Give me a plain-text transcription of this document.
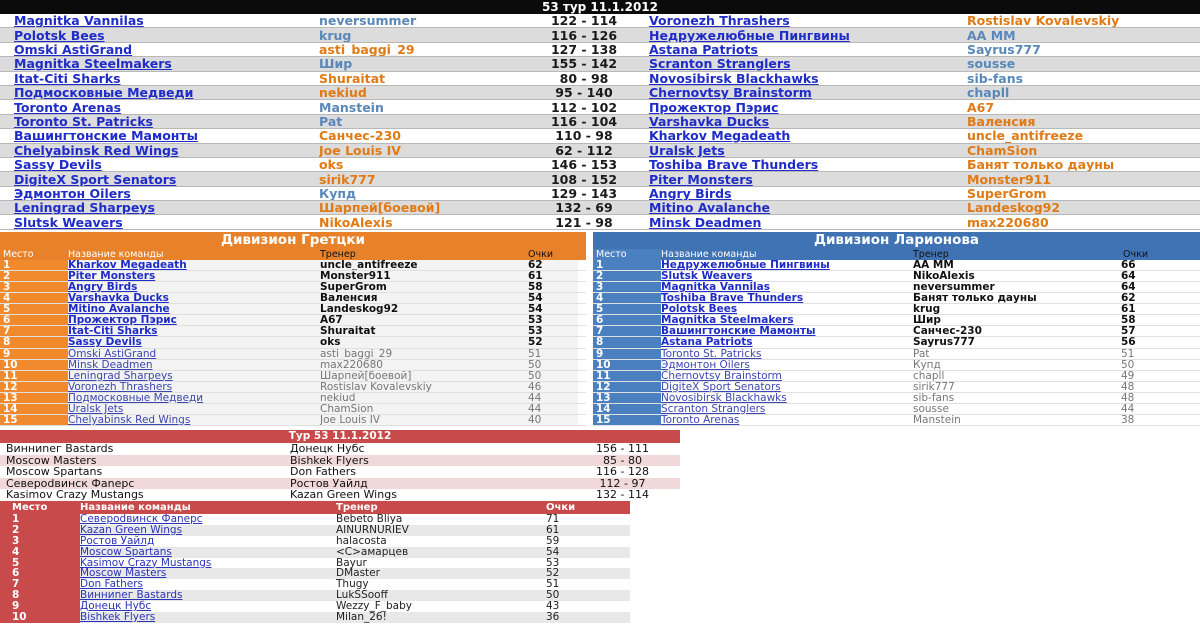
53 тур 11.1.2012
Magnitka Vannilas	neversummer	122 - 114	Voronezh Thrashers	Rostislav Kovalevskiy
Polotsk Bees	krug	116 - 126	Недружелюбные Пингвины	AA MM
Omski AstiGrand	asti_baggi_29	127 - 138	Astana Patriots	Sayrus777
Magnitka Steelmakers	Шир	155 - 142	Scranton Stranglers	sousse
Itat-Citi Sharks	Shuraitat	80 - 98	Novosibirsk Blackhawks	sib-fans
Подмосковные Медведи	nekiud	95 - 140	Chernovtsy Brainstorm	chapll
Toronto Arenas	Manstein	112 - 102	Прожектор Пэрис	A67
Toronto St. Patricks	Pat	116 - 104	Varshavka Ducks	Валенсия
Вашингтонские Мамонты	Санчес-230	110 - 98	Kharkov Megadeath	uncle_antifreeze
Chelyabinsk Red Wings	Joe Louis IV	62 - 112	Uralsk Jets	ChamSion
Sassy Devils	oks	146 - 153	Toshiba Brave Thunders	Банят только дауны
DigiteX Sport Senators	sirik777	108 - 152	Piter Monsters	Monster911
Эдмонтон Oilers	Купд	129 - 143	Angry Birds	SuperGrom
Leningrad Sharpeys	Шарпей[боевой]	132 - 69	Mitino Avalanche	Landeskog92
Slutsk Weavers	NikoAlexis	121 - 98	Minsk Deadmen	max220680
Дивизион Гретцки
Место	Название команды	Тренер	Очки
1	Kharkov Megadeath	uncle_antifreeze	62
2	Piter Monsters	Monster911	61
3	Angry Birds	SuperGrom	58
4	Varshavka Ducks	Валенсия	54
5	Mitino Avalanche	Landeskog92	54
6	Прожектор Пэрис	A67	53
7	Itat-Citi Sharks	Shuraitat	53
8	Sassy Devils	oks	52
9	Omski AstiGrand	asti_baggi_29	51
10	Minsk Deadmen	max220680	50
11	Leningrad Sharpeys	Шарпей[боевой]	50
12	Voronezh Thrashers	Rostislav Kovalevskiy	46
13	Подмосковные Медведи	nekiud	44
14	Uralsk Jets	ChamSion	44
15	Chelyabinsk Red Wings	Joe Louis IV	40
Дивизион Ларионова
Место	Название команды	Тренер	Очки
1	Недружелюбные Пингвины	AA MM	66
2	Slutsk Weavers	NikoAlexis	64
3	Magnitka Vannilas	neversummer	64
4	Toshiba Brave Thunders	Банят только дауны	62
5	Polotsk Bees	krug	61
6	Magnitka Steelmakers	Шир	58
7	Вашингтонские Мамонты	Санчес-230	57
8	Astana Patriots	Sayrus777	56
9	Toronto St. Patricks	Pat	51
10	Эдмонтон Oilers	Купд	50
11	Chernovtsy Brainstorm	chapll	49
12	DigiteX Sport Senators	sirik777	48
13	Novosibirsk Blackhawks	sib-fans	48
14	Scranton Stranglers	sousse	44
15	Toronto Arenas	Manstein	38
Тур 53 11.1.2012
Винниnег Bastards	Донецк Нубс	156 - 111
Moscow Masters	Bishkek Flyers	85 - 80
Moscow Spartans	Don Fathers	116 - 128
Североdвинск Фаnерс	Ростов Уайлд	112 - 97
Kasimov Crazy Mustangs	Kazan Green Wings	132 - 114
Место	Название команды	Тренер	Очки
1	Североdвинск Фаnерс	Bebeto Bliya	71
2	Kazan Green Wings	AINURNURIEV	61
3	Ростов Уайлд	halacosta	59
4	Moscow Spartans	<C>амарцев	54
5	Kasimov Crazy Mustangs	Bayur	53
6	Moscow Masters	DMaster	52
7	Don Fathers	Thugy	51
8	Винниnег Bastards	LukSSooff	50
9	Донецк Нубс	Wezzy_F_baby	43
10	Bishkek Flyers	Milan_26!	36
